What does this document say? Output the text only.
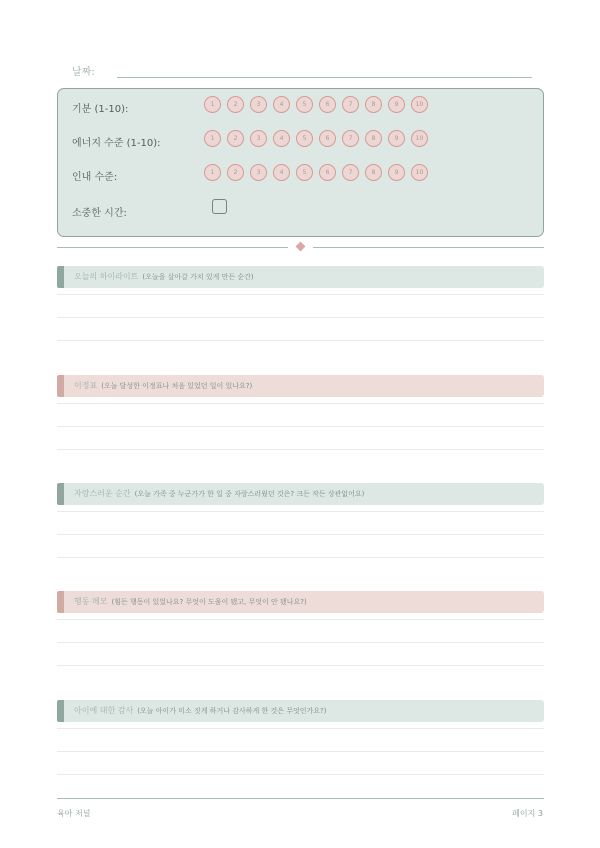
날짜:
기분 (1-10):	1	2	3	4	5	6	7	8	9	10
에너지 수준 (1-10):	1	2	3	4	5	6	7	8	9	10
인내 수준:	1	2	3	4	5	6	7	8	9	10
소중한 시간:
오늘의 하이라이트 (오늘을 살아갈 가치 있게 만든 순간)
이정표 (오늘 달성한 이정표나 처음 있었던 일이 있나요?)
자랑스러운 순간 (오늘 가족 중 누군가가 한 일 중 자랑스러웠던 것은? 크든 작든 상관없어요)
행동 메모 (힘든 행동이 있었나요? 무엇이 도움이 됐고, 무엇이 안 됐나요?)
아이에 대한 감사 (오늘 아이가 미소 짓게 하거나 감사하게 한 것은 무엇인가요?)
육아 저널	페이지 3
